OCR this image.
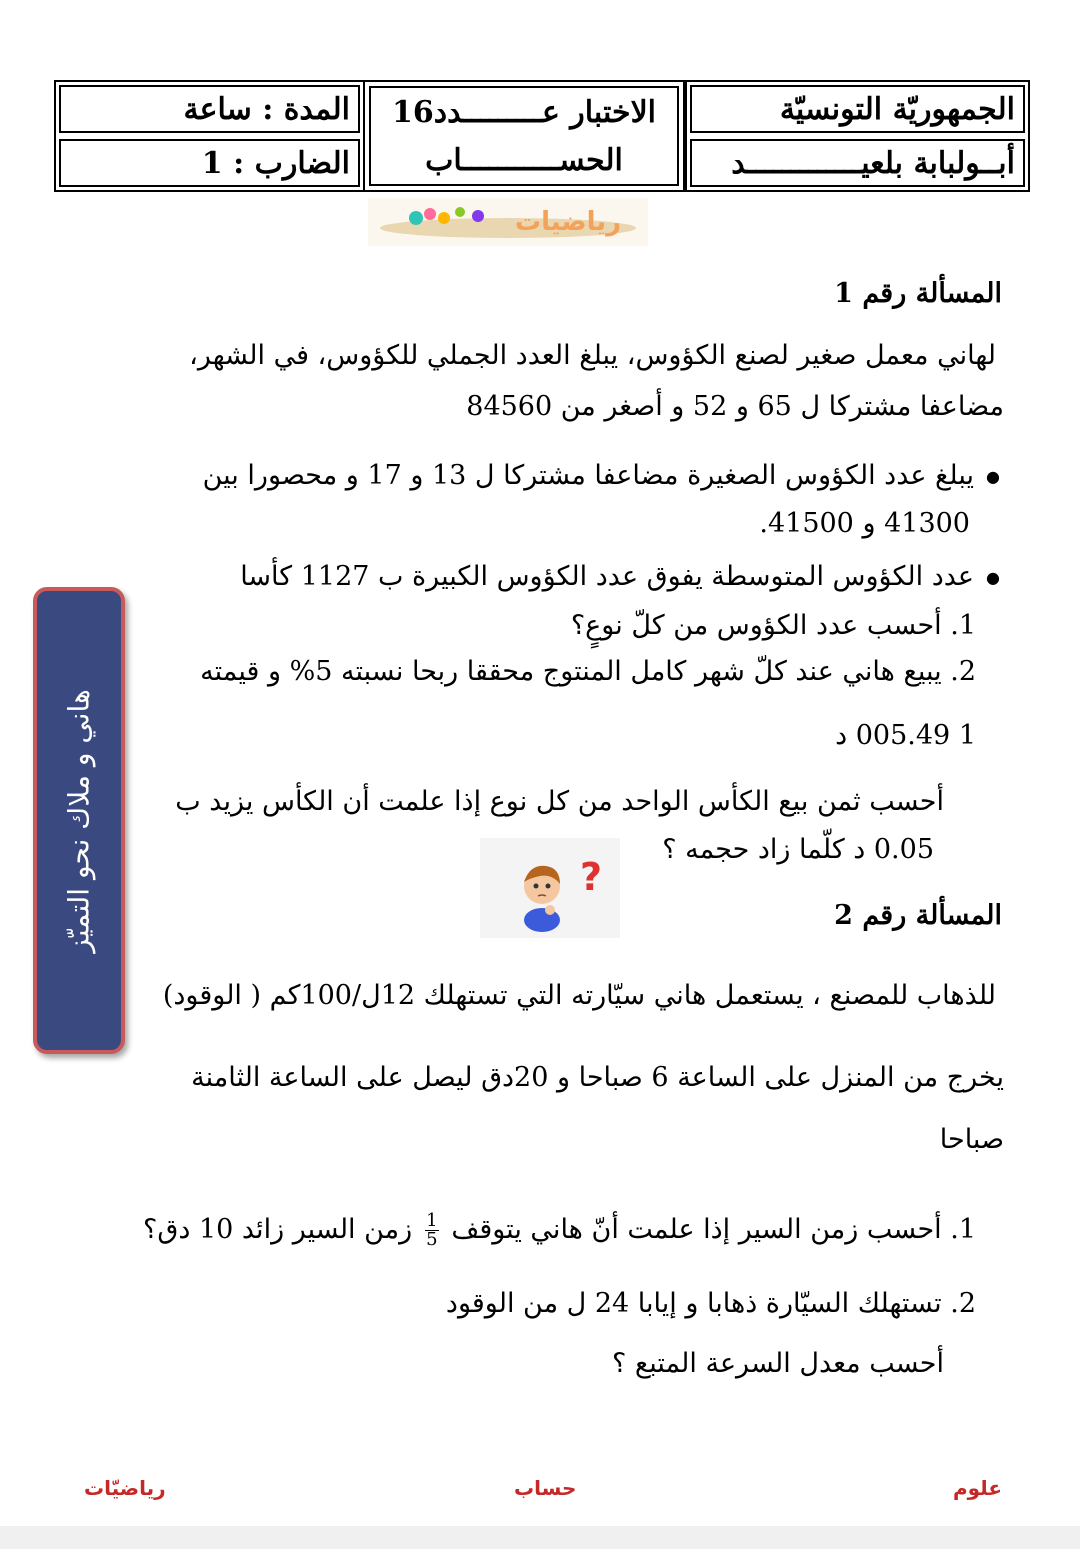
المدة : ساعة
الضارب : 1
الاختبار عـــــــــدد16
الحســـــــــــاب
الجمهوريّة التونسيّة
أبــولبابة بلعيـــــــــــــد
رياضيات
هاني و ملاك نحو التميّز
المسألة رقم 1
لهاني معمل صغير لصنع الكؤوس، يبلغ العدد الجملي للكؤوس، في الشهر،
مضاعفا مشتركا ل 65 و 52 و أصغر من 84560
● يبلغ عدد الكؤوس الصغيرة مضاعفا مشتركا ل 13 و 17 و محصورا بين
41300 و 41500.
● عدد الكؤوس المتوسطة يفوق عدد الكؤوس الكبيرة ب 1127 كأسا
1. أحسب عدد الكؤوس من كلّ نوعٍ؟
2. يبيع هاني عند كلّ شهر كامل المنتوج محققا ربحا نسبته 5% و قيمته
1 005.49 د
أحسب ثمن بيع الكأس الواحد من كل نوع إذا علمت أن الكأس يزيد ب
0.05 د كلّما زاد حجمه ؟
?
المسألة رقم 2
للذهاب للمصنع ، يستعمل هاني سيّارته التي تستهلك 12ل/100كم ( الوقود)
يخرج من المنزل على الساعة 6 صباحا و 20دق ليصل على الساعة الثامنة
صباحا
1. أحسب زمن السير إذا علمت أنّ هاني يتوقف
$\frac{1}{5}$
زمن السير زائد 10 دق؟
2. تستهلك السيّارة ذهابا و إيابا 24 ل من الوقود
أحسب معدل السرعة المتبع ؟
علوم
حساب
رياضيّات
